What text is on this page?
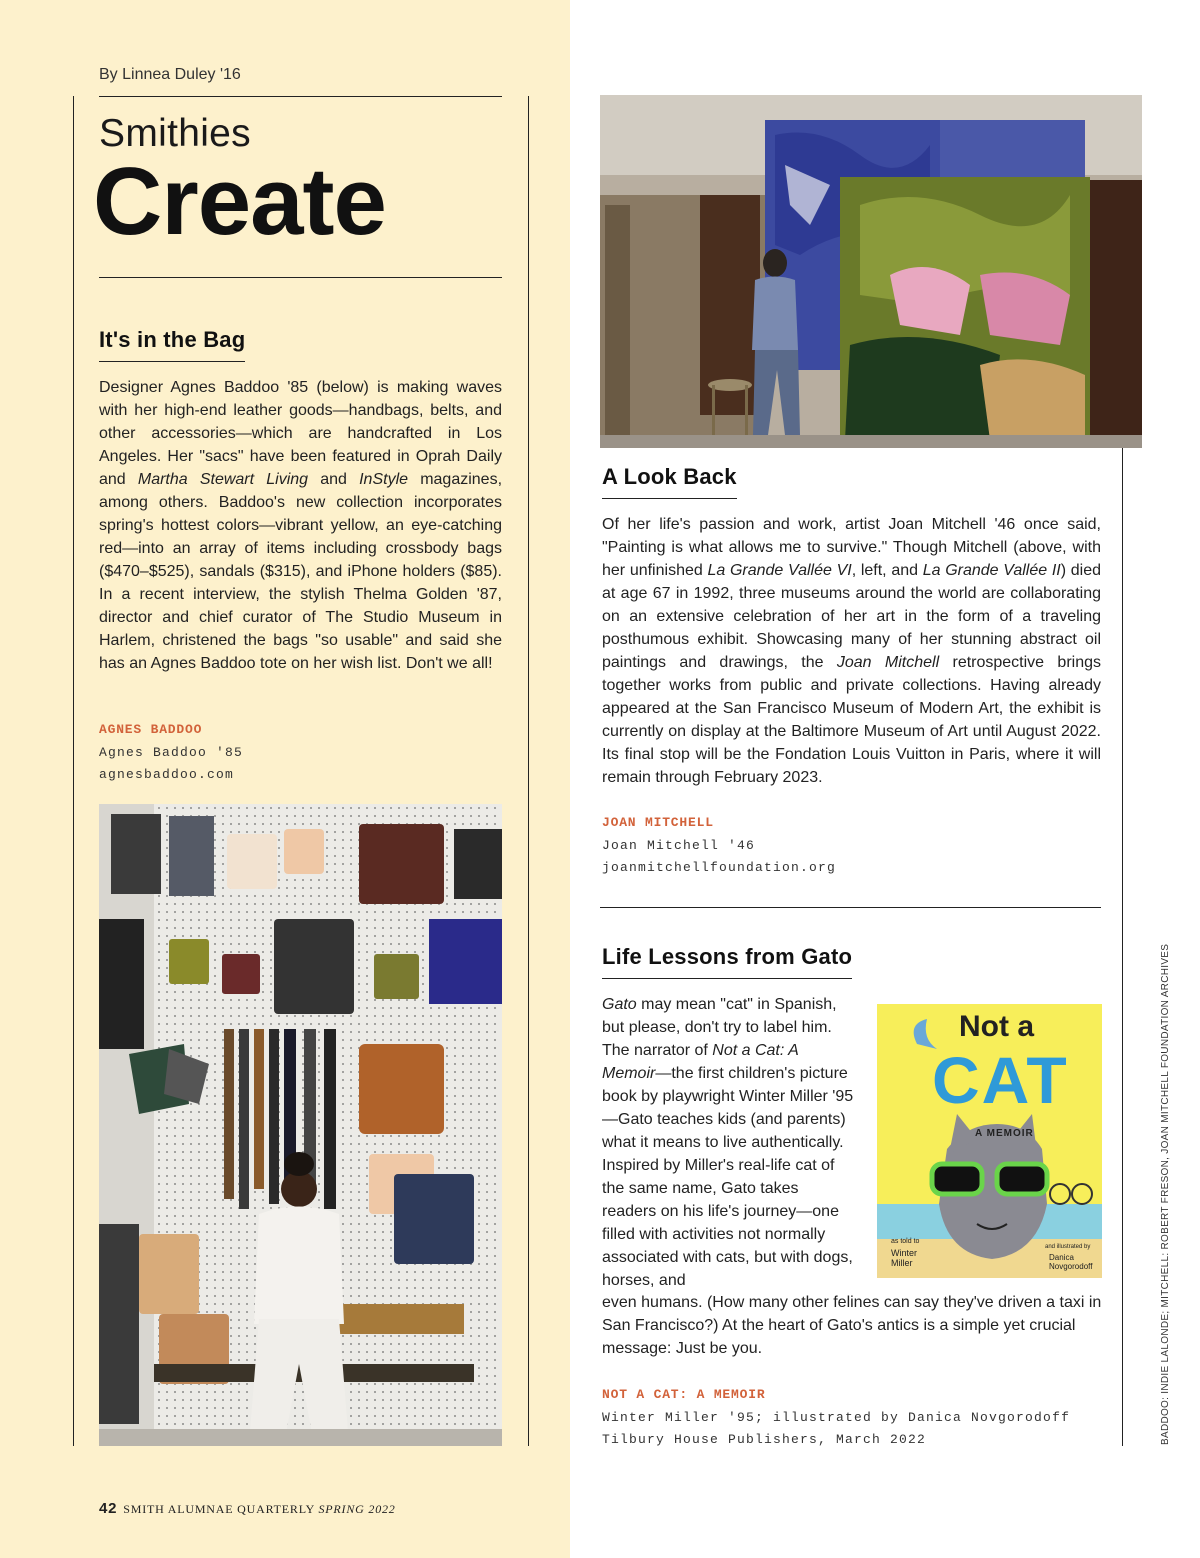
By Linnea Duley '16
Smithies
Create
It's in the Bag

Designer Agnes Baddoo '85 (below) is making waves with her high-end leather goods—handbags, belts, and other accessories—which are handcrafted in Los Angeles. Her "sacs" have been featured in Oprah Daily and Martha Stewart Living and InStyle magazines, among others. Baddoo's new collection incorporates spring's hottest colors—vibrant yellow, an eye-catching red—into an array of items including crossbody bags ($470–$525), sandals ($315), and iPhone holders ($85). In a recent interview, the stylish Thelma Golden '87, director and chief curator of The Studio Museum in Harlem, christened the bags "so usable" and said she has an Agnes Baddoo tote on her wish list. Don't we all!

AGNES BADDOO
Agnes Baddoo '85
agnesbaddoo.com
A Look Back

Of her life's passion and work, artist Joan Mitchell '46 once said, "Painting is what allows me to survive." Though Mitchell (above, with her unfinished La Grande Vallée VI, left, and La Grande Vallée II) died at age 67 in 1992, three museums around the world are collaborating on an extensive celebration of her art in the form of a traveling posthumous exhibit. Showcasing many of her stunning abstract oil paintings and drawings, the Joan Mitchell retrospective brings together works from public and private collections. Having already appeared at the San Francisco Museum of Modern Art, the exhibit is currently on display at the Baltimore Museum of Art until August 2022. Its final stop will be the Fondation Louis Vuitton in Paris, where it will remain through February 2023.

JOAN MITCHELL
Joan Mitchell '46
joanmitchellfoundation.org
Life Lessons from Gato
Not a
CAT
A MEMOIR
as told to
Winter Miller
and illustrated by
Danica Novgorodoff

Gato may mean "cat" in Spanish, but please, don't try to label him. The narrator of Not a Cat: A Memoir—the first children's picture book by playwright Winter Miller '95—Gato teaches kids (and parents) what it means to live authentically. Inspired by Miller's real-life cat of the same name, Gato takes readers on his life's journey—one filled with activities not normally associated with cats, but with dogs, horses, and

even humans. (How many other felines can say they've driven a taxi in San Francisco?) At the heart of Gato's antics is a simple yet crucial message: Just be you.

NOT A CAT: A MEMOIR
Winter Miller '95; illustrated by Danica Novgorodoff
Tilbury House Publishers, March 2022
42 SMITH ALUMNAE QUARTERLY SPRING 2022
BADDOO: INDIE LALONDE; MITCHELL: ROBERT FRESON, JOAN MITCHELL FOUNDATION ARCHIVES
